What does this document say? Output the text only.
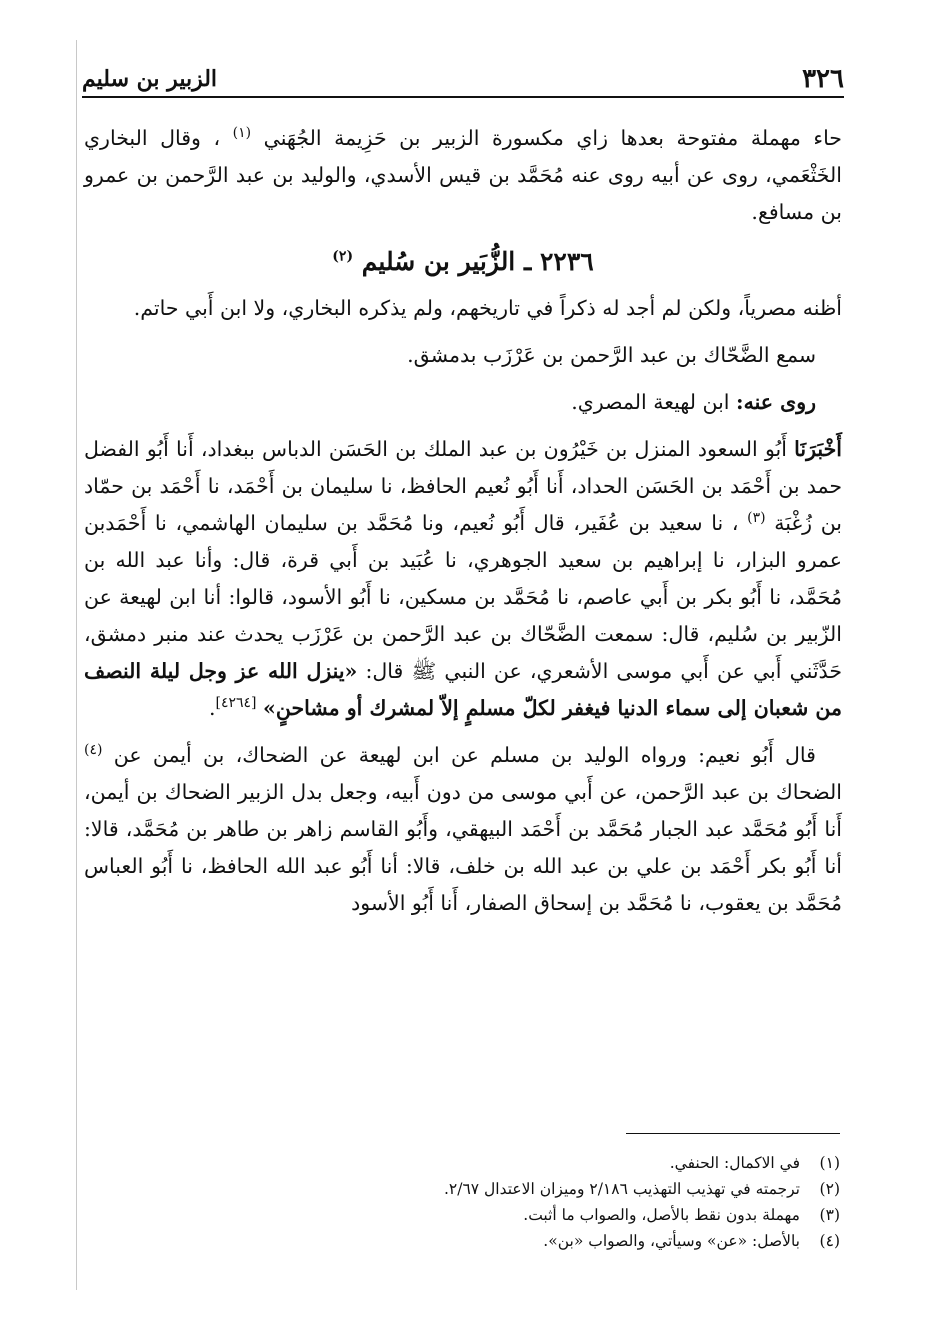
٣٢٦
الزبير بن سليم

حاء مهملة مفتوحة بعدها زاي مكسورة الزبير بن حَزِيمة الجُهَني $^{(١)}$ ، وقال البخاري الخَثْعَمي، روى عن أبيه روى عنه مُحَمَّد بن قيس الأسدي، والوليد بن عبد الرَّحمن بن عمرو بن مسافع.

٢٢٣٦ ـ الزُّبَير بن سُليم $^{(٢)}$

أظنه مصرياً، ولكن لم أجد له ذكراً في تاريخهم، ولم يذكره البخاري، ولا ابن أَبي حاتم.

سمع الضَّحّاك بن عبد الرَّحمن بن عَرْزَب بدمشق.

روى عنه: ابن لهيعة المصري.

أَخْبَرَنَا أَبُو السعود المنزل بن خَيْرُون بن عبد الملك بن الحَسَن الدباس ببغداد، أَنا أَبُو الفضل حمد بن أَحْمَد بن الحَسَن الحداد، أَنا أَبُو نُعيم الحافظ، نا سليمان بن أَحْمَد، نا أَحْمَد بن حمّاد بن زُغْبَة $^{(٣)}$ ، نا سعيد بن عُفَير، قال أَبُو نُعيم، ونا مُحَمَّد بن سليمان الهاشمي، نا أَحْمَدبن عمرو البزار، نا إبراهيم بن سعيد الجوهري، نا عُبَيد بن أَبي قرة، قال: وأنا عبد الله بن مُحَمَّد، نا أَبُو بكر بن أَبي عاصم، نا مُحَمَّد بن مسكين، نا أَبُو الأسود، قالوا: أنا ابن لهيعة عن الزّبير بن سُليم، قال: سمعت الضَّحّاك بن عبد الرَّحمن بن عَرْزَب يحدث عند منبر دمشق، حَدَّثَني أَبي عن أَبي موسى الأشعري، عن النبي ﷺ قال: «ينزل الله عز وجل ليلة النصف من شعبان إلى سماء الدنيا فيغفر لكلّ مسلمٍ إلاّ لمشرك أو مشاحنٍ» [٤٢٦٤].

قال أَبُو نعيم: ورواه الوليد بن مسلم عن ابن لهيعة عن الضحاك، بن أيمن عن $^{(٤)}$ الضحاك بن عبد الرَّحمن، عن أَبي موسى من دون أَبيه، وجعل بدل الزبير الضحاك بن أيمن، أَنا أَبُو مُحَمَّد عبد الجبار مُحَمَّد بن أَحْمَد البيهقي، وأَبُو القاسم زاهر بن طاهر بن مُحَمَّد، قالا: أنا أَبُو بكر أَحْمَد بن علي بن عبد الله بن خلف، قالا: أنا أَبُو عبد الله الحافظ، نا أَبُو العباس مُحَمَّد بن يعقوب، نا مُحَمَّد بن إسحاق الصفار، أَنا أَبُو الأسود

(١)
في الاكمال: الحنفي.
(٢)
ترجمته في تهذيب التهذيب ٢/١٨٦ وميزان الاعتدال ٢/٦٧.
(٣)
مهملة بدون نقط بالأصل، والصواب ما أثبت.
(٤)
بالأصل: «عن» وسيأتي، والصواب «بن».
